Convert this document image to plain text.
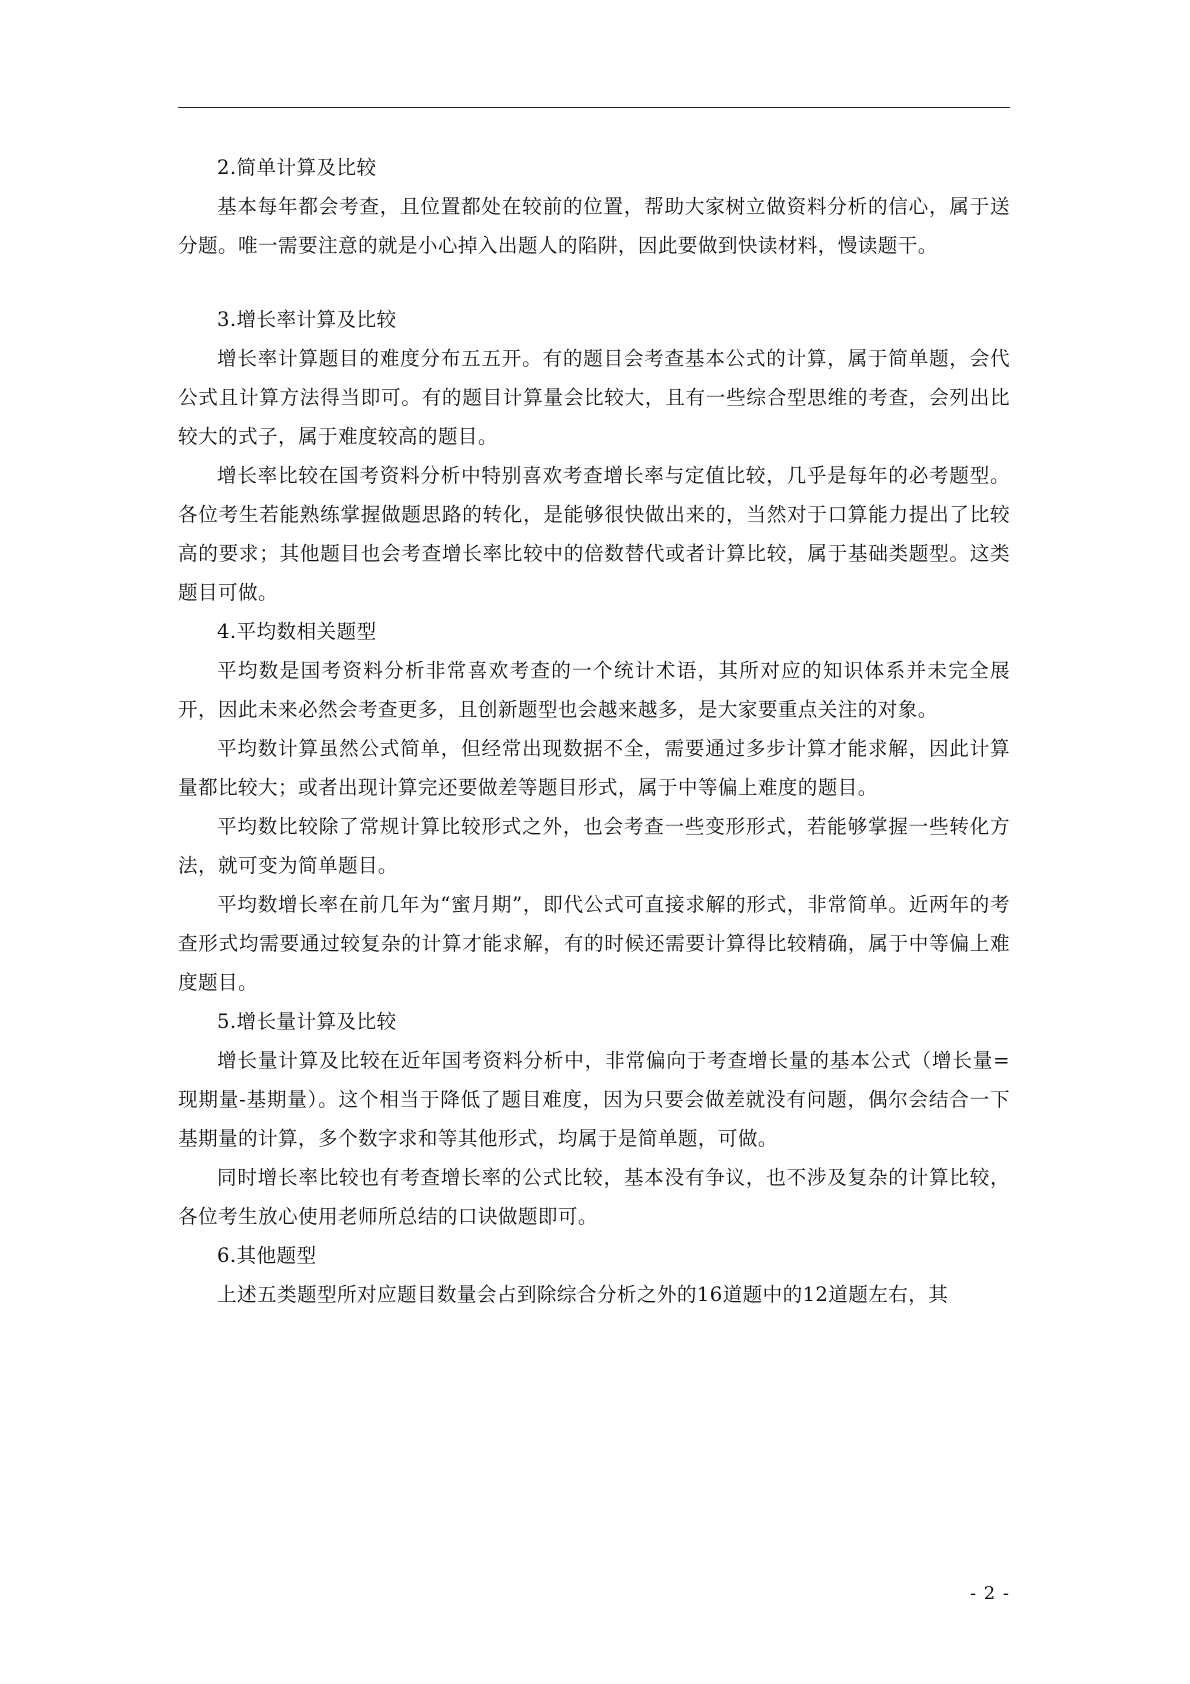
2.简单计算及比较

基本每年都会考查，且位置都处在较前的位置，帮助大家树立做资料分析的信心，属于送分题。唯一需要注意的就是小心掉入出题人的陷阱，因此要做到快读材料，慢读题干。

3.增长率计算及比较

增长率计算题目的难度分布五五开。有的题目会考查基本公式的计算，属于简单题，会代公式且计算方法得当即可。有的题目计算量会比较大，且有一些综合型思维的考查，会列出比较大的式子，属于难度较高的题目。

增长率比较在国考资料分析中特别喜欢考查增长率与定值比较，几乎是每年的必考题型。各位考生若能熟练掌握做题思路的转化，是能够很快做出来的，当然对于口算能力提出了比较高的要求；其他题目也会考查增长率比较中的倍数替代或者计算比较，属于基础类题型。这类题目可做。

4.平均数相关题型

平均数是国考资料分析非常喜欢考查的一个统计术语，其所对应的知识体系并未完全展开，因此未来必然会考查更多，且创新题型也会越来越多，是大家要重点关注的对象。

平均数计算虽然公式简单，但经常出现数据不全，需要通过多步计算才能求解，因此计算量都比较大；或者出现计算完还要做差等题目形式，属于中等偏上难度的题目。

平均数比较除了常规计算比较形式之外，也会考查一些变形形式，若能够掌握一些转化方法，就可变为简单题目。

平均数增长率在前几年为“蜜月期”，即代公式可直接求解的形式，非常简单。近两年的考查形式均需要通过较复杂的计算才能求解，有的时候还需要计算得比较精确，属于中等偏上难度题目。

5.增长量计算及比较

增长量计算及比较在近年国考资料分析中，非常偏向于考查增长量的基本公式（增长量=现期量-基期量）。这个相当于降低了题目难度，因为只要会做差就没有问题，偶尔会结合一下基期量的计算，多个数字求和等其他形式，均属于是简单题，可做。

同时增长率比较也有考查增长率的公式比较，基本没有争议，也不涉及复杂的计算比较，各位考生放心使用老师所总结的口诀做题即可。

6.其他题型

上述五类题型所对应题目数量会占到除综合分析之外的16道题中的12道题左右，其

- 2 -
